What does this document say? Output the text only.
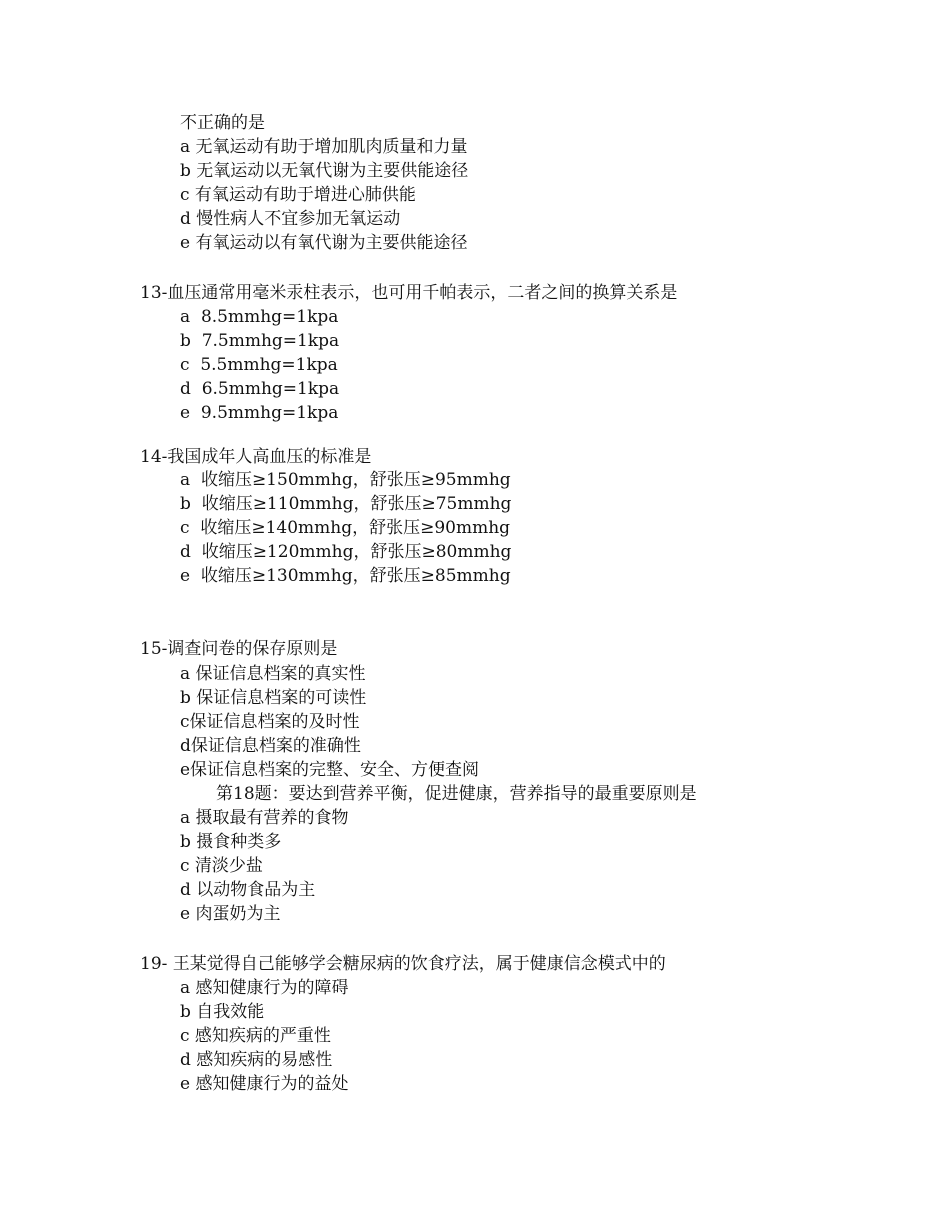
不正确的是
a 无氧运动有助于增加肌肉质量和力量
b 无氧运动以无氧代谢为主要供能途径
c 有氧运动有助于增进心肺供能
d 慢性病人不宜参加无氧运动
e 有氧运动以有氧代谢为主要供能途径
13-血压通常用毫米汞柱表示，也可用千帕表示，二者之间的换算关系是
a  8.5mmhg=1kpa
b  7.5mmhg=1kpa
c  5.5mmhg=1kpa
d  6.5mmhg=1kpa
e  9.5mmhg=1kpa
14-我国成年人高血压的标准是
a  收缩压≥150mmhg，舒张压≥95mmhg
b  收缩压≥110mmhg，舒张压≥75mmhg
c  收缩压≥140mmhg，舒张压≥90mmhg
d  收缩压≥120mmhg，舒张压≥80mmhg
e  收缩压≥130mmhg，舒张压≥85mmhg
15-调查问卷的保存原则是
a 保证信息档案的真实性
b 保证信息档案的可读性
c保证信息档案的及时性
d保证信息档案的准确性
e保证信息档案的完整、安全、方便查阅
第18题：要达到营养平衡，促进健康，营养指导的最重要原则是
a 摄取最有营养的食物
b 摄食种类多
c 清淡少盐
d 以动物食品为主
e 肉蛋奶为主
19- 王某觉得自己能够学会糖尿病的饮食疗法，属于健康信念模式中的
a 感知健康行为的障碍
b 自我效能
c 感知疾病的严重性
d 感知疾病的易感性
e 感知健康行为的益处
